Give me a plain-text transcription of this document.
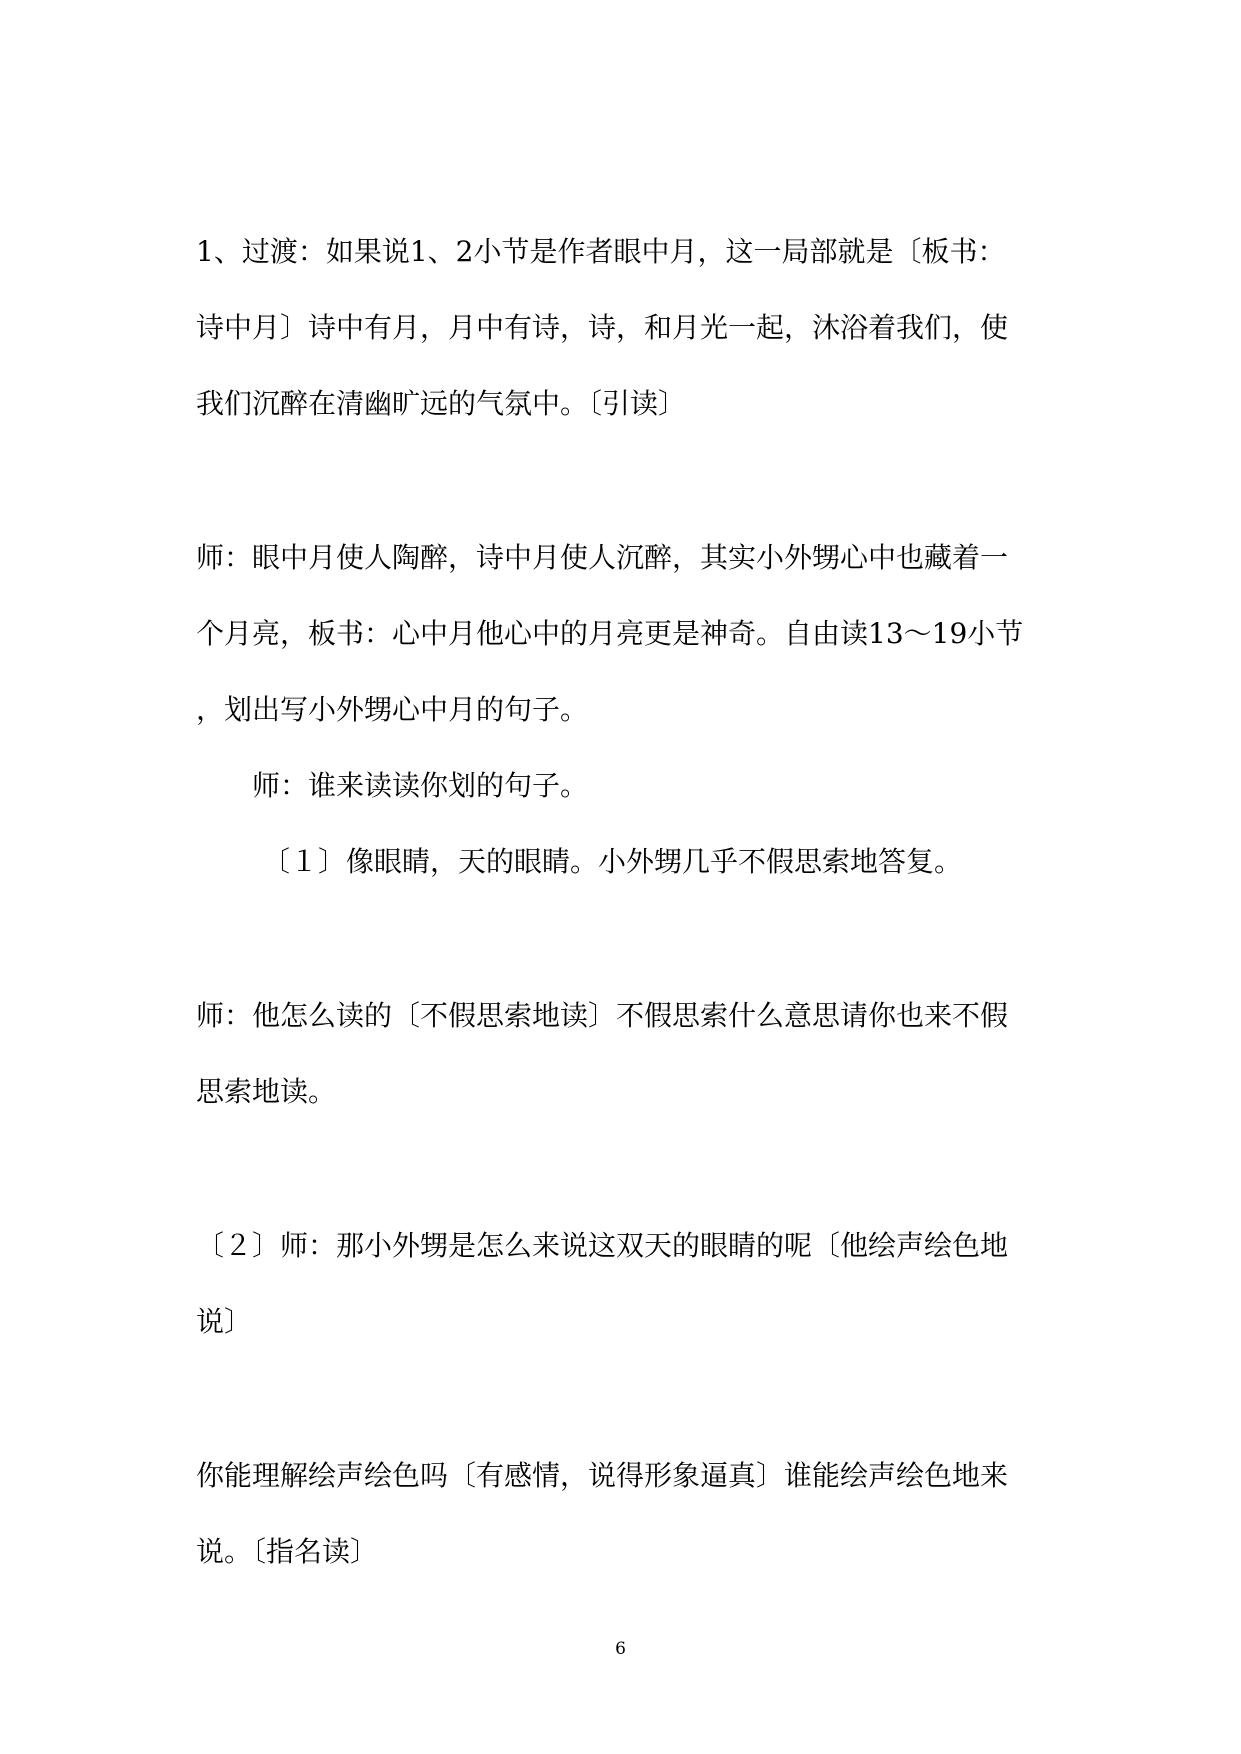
1、过渡：如果说1、2小节是作者眼中月，这一局部就是〔板书：

诗中月〕诗中有月，月中有诗，诗，和月光一起，沐浴着我们，使

我们沉醉在清幽旷远的气氛中。〔引读〕

师：眼中月使人陶醉，诗中月使人沉醉，其实小外甥心中也藏着一

个月亮，板书：心中月他心中的月亮更是神奇。自由读13～19小节

，划出写小外甥心中月的句子。

师：谁来读读你划的句子。

〔１〕像眼睛，天的眼睛。小外甥几乎不假思索地答复。

师：他怎么读的〔不假思索地读〕不假思索什么意思请你也来不假

思索地读。

〔２〕师：那小外甥是怎么来说这双天的眼睛的呢〔他绘声绘色地

说〕

你能理解绘声绘色吗〔有感情，说得形象逼真〕谁能绘声绘色地来

说。〔指名读〕

6
